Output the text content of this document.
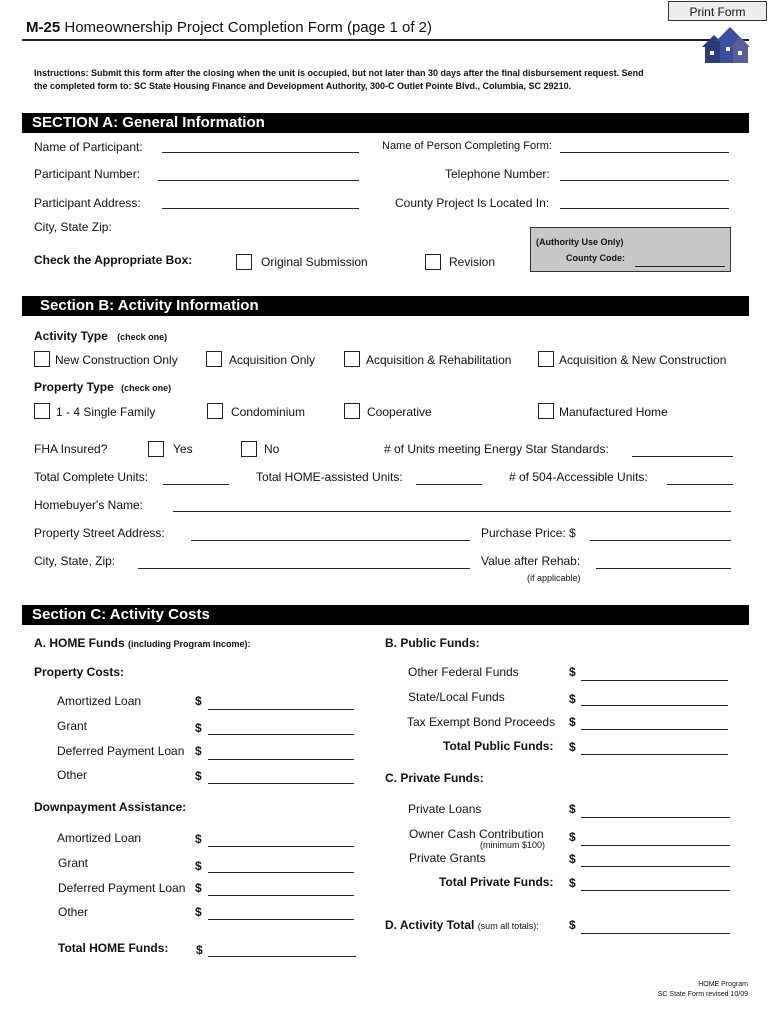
Print Form
M-25 Homeownership Project Completion Form (page 1 of 2)
Instructions: Submit this form after the closing when the unit is occupied, but not later than 30 days after the final disbursement request. Send
the completed form to: SC State Housing Finance and Development Authority, 300-C Outlet Pointe Blvd., Columbia, SC 29210.
SECTION A: General Information
Name of Participant:	Name of Person Completing Form:
Participant Number:	Telephone Number:
Participant Address:	County Project Is Located In:
City, State Zip:
Check the Appropriate Box:	Original Submission	Revision
(Authority Use Only)
County Code:
Section B: Activity Information
Activity Type (check one)
New Construction Only	Acquisition Only	Acquisition & Rehabilitation	Acquisition & New Construction
Property Type (check one)
1 - 4 Single Family	Condominium	Cooperative	Manufactured Home
FHA Insured?	Yes	No	# of Units meeting Energy Star Standards:
Total Complete Units:	Total HOME-assisted Units:	# of 504-Accessible Units:
Homebuyer's Name:
Property Street Address:	Purchase Price: $
City, State, Zip:	Value after Rehab:
(if applicable)
Section C: Activity Costs
A. HOME Funds (including Program Income):
Property Costs:
Amortized Loan	$
Grant	$
Deferred Payment Loan $
Other	$
Downpayment Assistance:
Amortized Loan	$
Grant	$
Deferred Payment Loan $
Other	$
Total HOME Funds: $
B. Public Funds:
Other Federal Funds	$
State/Local Funds	$
Tax Exempt Bond Proceeds $
Total Public Funds: $
C. Private Funds:
Private Loans	$
Owner Cash Contribution
(minimum $100)
$
Private Grants	$
Total Private Funds: $
D. Activity Total (sum all totals):	$
HOME Program
SC State Form revised 10/09
